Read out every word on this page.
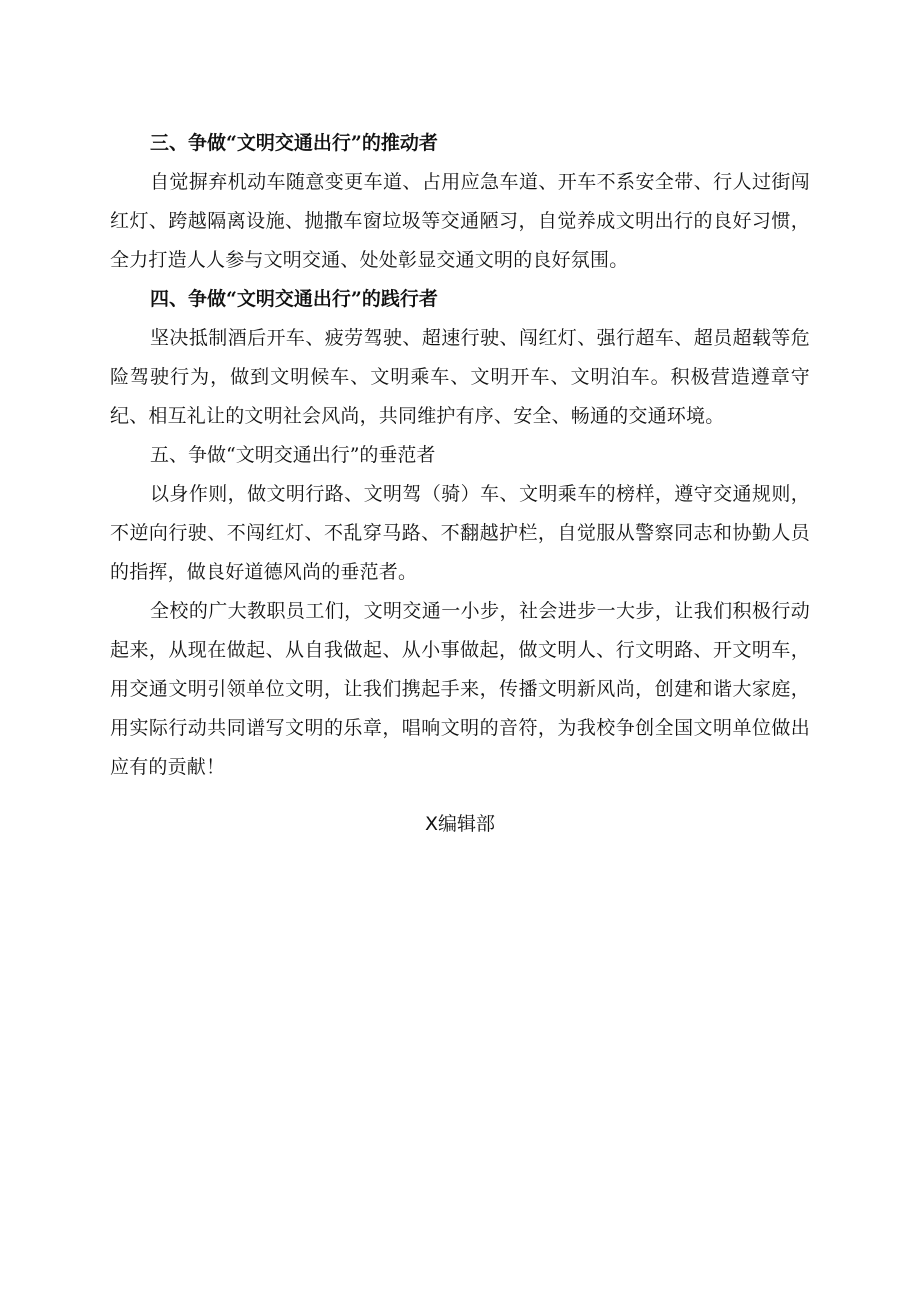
三、争做“文明交通出行”的推动者

自觉摒弃机动车随意变更车道、占用应急车道、开车不系安全带、行人过街闯红灯、跨越隔离设施、抛撒车窗垃圾等交通陋习，自觉养成文明出行的良好习惯，全力打造人人参与文明交通、处处彰显交通文明的良好氛围。

四、争做“文明交通出行”的践行者

坚决抵制酒后开车、疲劳驾驶、超速行驶、闯红灯、强行超车、超员超载等危险驾驶行为，做到文明候车、文明乘车、文明开车、文明泊车。积极营造遵章守纪、相互礼让的文明社会风尚，共同维护有序、安全、畅通的交通环境。

五、争做“文明交通出行”的垂范者

以身作则，做文明行路、文明驾（骑）车、文明乘车的榜样，遵守交通规则，不逆向行驶、不闯红灯、不乱穿马路、不翻越护栏，自觉服从警察同志和协勤人员的指挥，做良好道德风尚的垂范者。

全校的广大教职员工们，文明交通一小步，社会进步一大步，让我们积极行动起来，从现在做起、从自我做起、从小事做起，做文明人、行文明路、开文明车，用交通文明引领单位文明，让我们携起手来，传播文明新风尚，创建和谐大家庭，用实际行动共同谱写文明的乐章，唱响文明的音符，为我校争创全国文明单位做出应有的贡献！

X编辑部
